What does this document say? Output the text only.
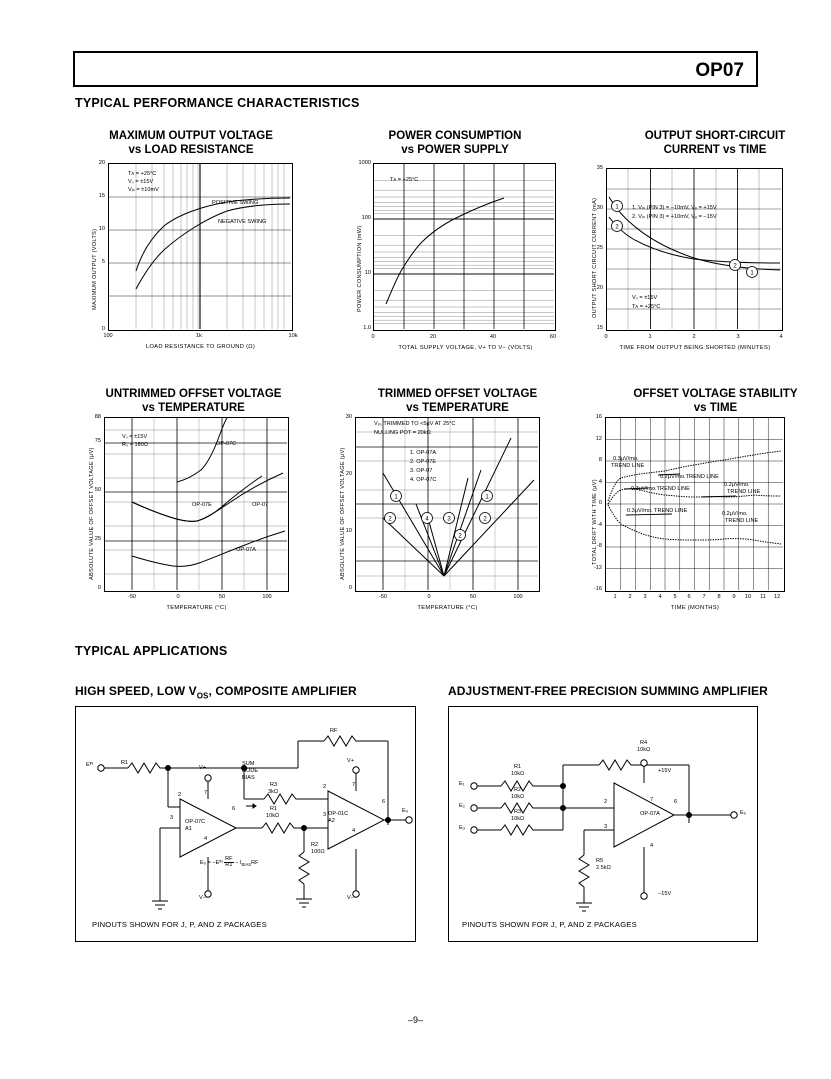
OP07
TYPICAL PERFORMANCE CHARACTERISTICS
MAXIMUM OUTPUT VOLTAGE
vs LOAD RESISTANCE
MAXIMUM OUTPUT (VOLTS)
20
15
10
5
0
100	1k	10k
LOAD RESISTANCE TO GROUND (Ω)
Tᴀ = +25°C
Vₛ = ±15V
Vᵢₙ = ±10mV
POSITIVE SWING
NEGATIVE SWING
POWER CONSUMPTION
vs POWER SUPPLY
POWER CONSUMPTION (mW)
1000
100
10
1.0
0	20	40	60
TOTAL SUPPLY VOLTAGE, V+ TO V− (VOLTS)
Tᴀ = +25°C
OUTPUT SHORT-CIRCUIT
CURRENT vs TIME
1
2
2
1
OUTPUT SHORT CIRCUIT CURRENT (mA)
35
30
25
20
15
0	1	2	3	4
TIME FROM OUTPUT BEING SHORTED (MINUTES)
1. Vᵢₙ (PIN 3) = −10mV, Vₒ = +15V
2. Vᵢₙ (PIN 3) = +10mV, Vₒ = −15V
Vₛ = ±15V
Tᴀ = +25°C
UNTRIMMED OFFSET VOLTAGE
vs TEMPERATURE
ABSOLUTE VALUE OF OFFSET VOLTAGE (μV)
88
75
50
25
0
-50	0	50	100
TEMPERATURE (°C)
Vₛ = ±15V
Rₛ = 180Ω	OP-07C
OP-07E	OP-07
OP-07A
TRIMMED OFFSET VOLTAGE
vs TEMPERATURE
1
2	4	3
2
1
2
ABSOLUTE VALUE OF OFFSET VOLTAGE (μV)
30
20
10
0
-50	0	50	100
TEMPERATURE (°C)
Vₒₛ TRIMMED TO <5μV AT 25°C
NULLING POT = 20kΩ
1. OP-07A
2. OP-07E
3. OP-07
4. OP-07C
OFFSET VOLTAGE STABILITY
vs TIME
TOTAL DRIFT WITH TIME (μV)
16
12
8
4
0
-4
-8
-12
-16
1	2	3	4	5	6	7	8	9	10	11	12
TIME (MONTHS)
0.3μV/mo.
TREND LINE
0.2μV/mo.TREND LINE
0.3μV/mo.TREND LINE
0.2μV/mo.
TREND LINE
0.3μV/mo. TREND LINE	0.2μV/mo.
TREND LINE
TYPICAL APPLICATIONS
HIGH SPEED, LOW $V_{OS}$, COMPOSITE AMPLIFIER
Eᴵᴺ	R1
RF
SUM
NODE
BIAS
R3
3kΩ
R1
10kΩ
R2
100Ω
OP-07C
A1
OP-01C
A2
V+
V−
V+
V−
Eₒ
2
3
7
4
6
2
3
7
4
6
Eₒ = −Eᴵᴺ $\frac{RF}{R1} - I_{BIAS}RF$
PINOUTS SHOWN FOR J, P, AND Z PACKAGES
ADJUSTMENT-FREE PRECISION SUMMING AMPLIFIER
E₁
E₂
E₃
R1
10kΩ
R2
10kΩ
R3
10kΩ
R4
10kΩ
R5
2.5kΩ
OP-07A
+15V
−15V
Eₒ
2
3
7
4
6
PINOUTS SHOWN FOR J, P, AND Z PACKAGES
–9–
